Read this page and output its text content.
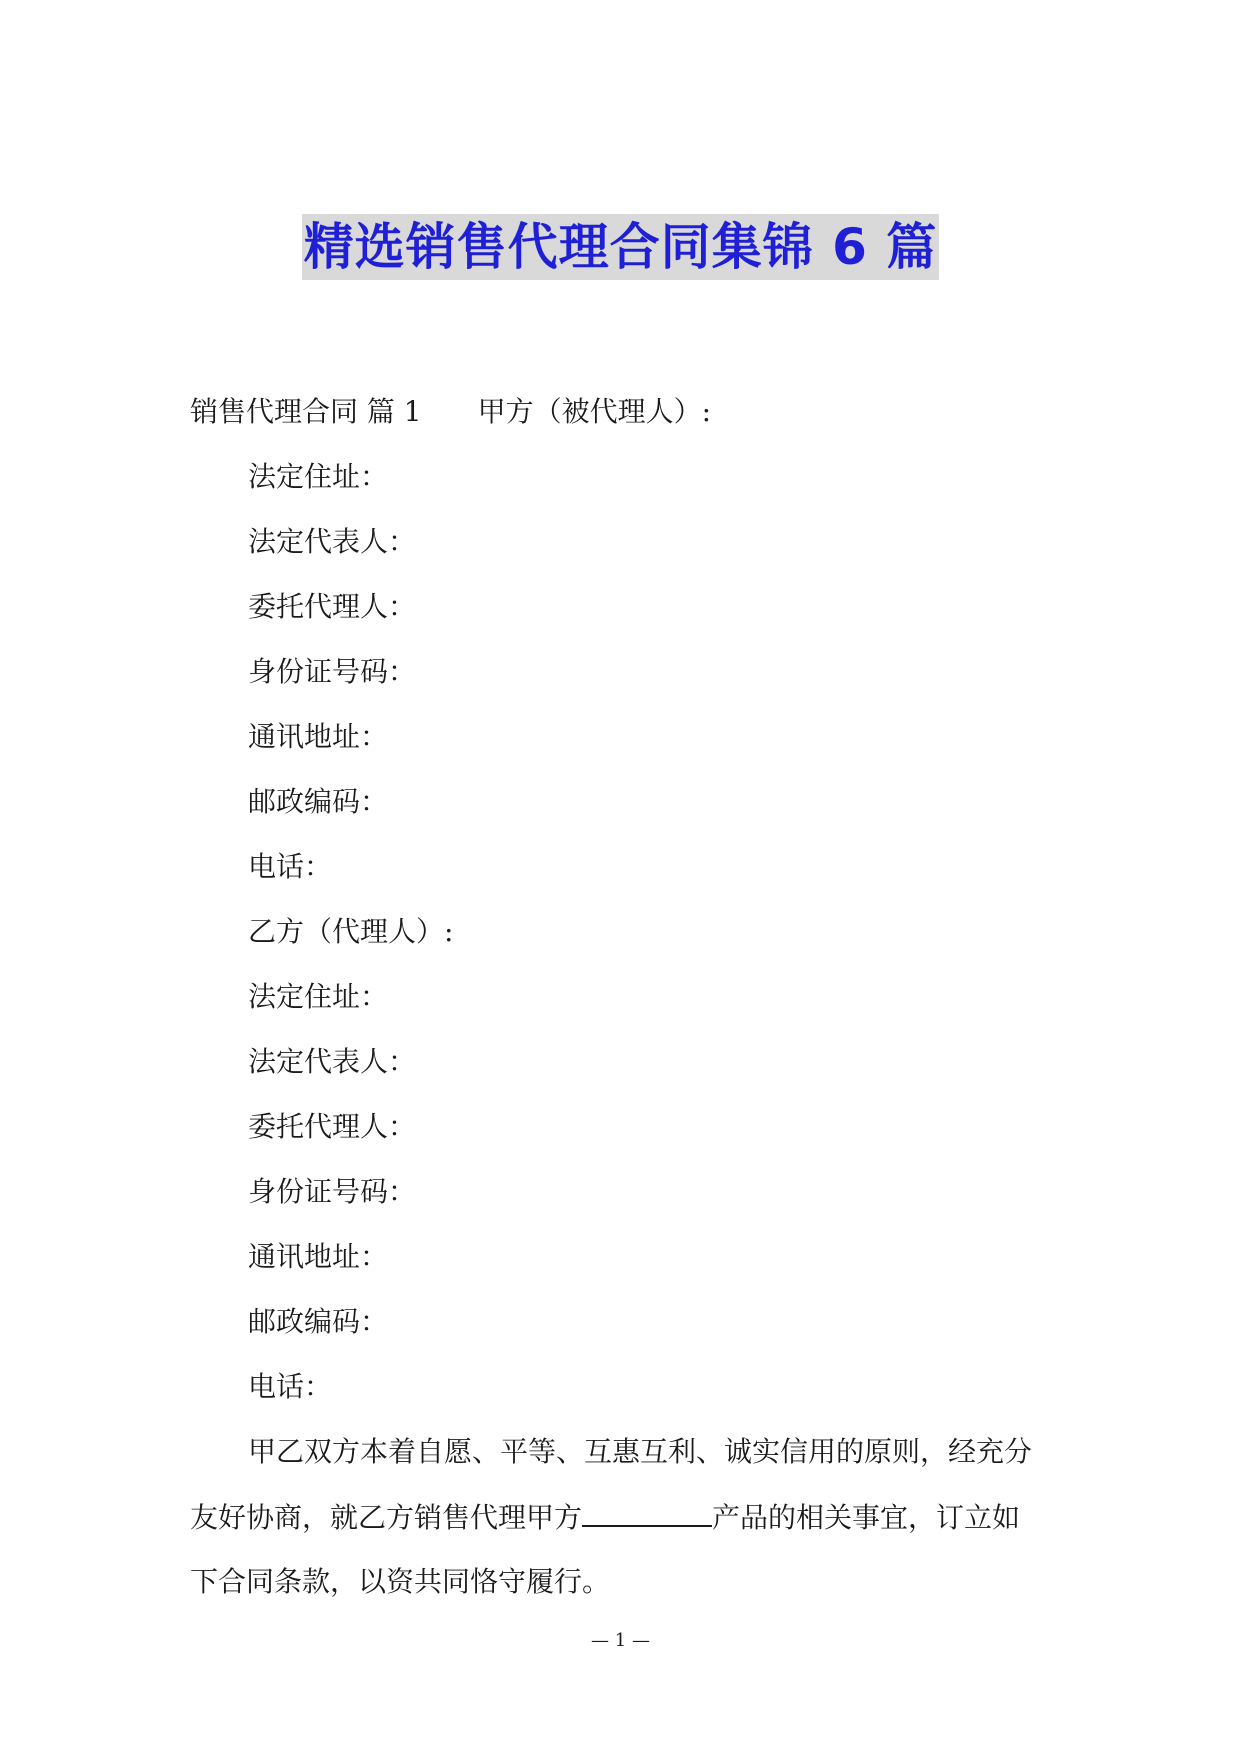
精选销售代理合同集锦 6 篇
销售代理合同 篇 1 甲方（被代理人）:
法定住址：
法定代表人：
委托代理人：
身份证号码：
通讯地址：
邮政编码：
电话：
乙方（代理人）:
法定住址：
法定代表人：
委托代理人：
身份证号码：
通讯地址：
邮政编码：
电话：
甲乙双方本着自愿、平等、互惠互利、诚实信用的原则，经充分
友好协商，就乙方销售代理甲方	产品的相关事宜，订立如
下合同条款，以资共同恪守履行。
— 1 —
